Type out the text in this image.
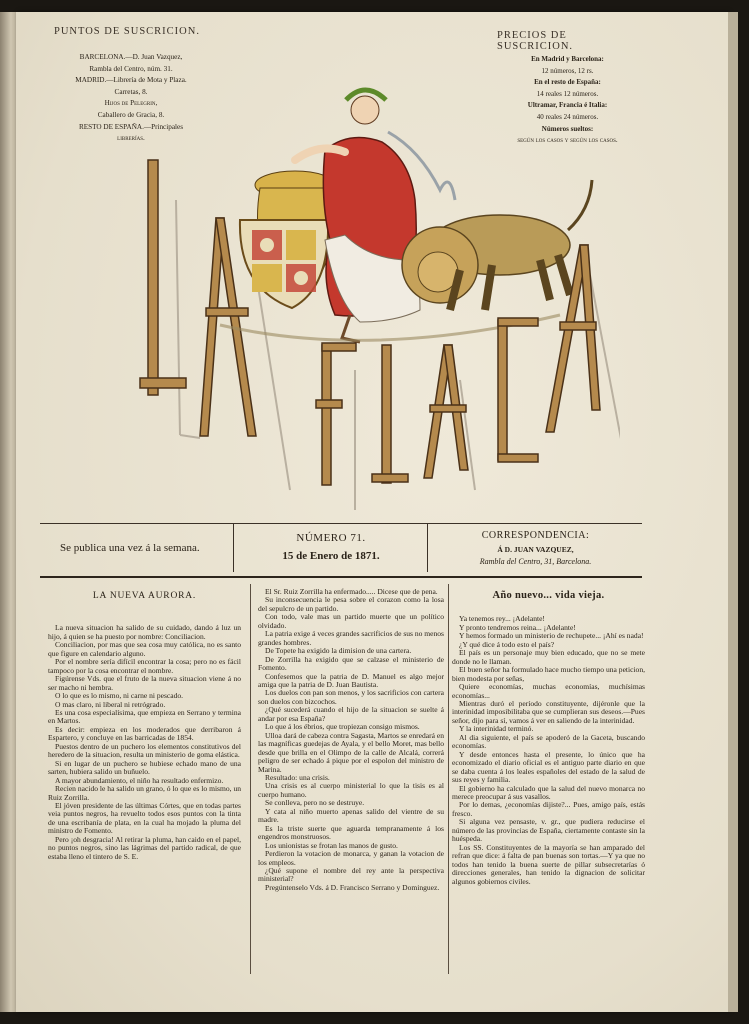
PUNTOS DE SUSCRICION.
BARCELONA.—D. Juan Vazquez,
Rambla del Centro, núm. 31.
MADRID.—Librería de Mota y Plaza.
Carretas, 8.
Hijos de Pelegrin,
Caballero de Gracia, 8.
RESTO DE ESPAÑA.—Principales
librerías.
PRECIOS DE SUSCRICION.
En Madrid y Barcelona:
12 números, 12 rs.
En el resto de España:
14 reales 12 números.
Ultramar, Francia é Italia:
40 reales 24 números.
Números sueltos:
según los casos y según los casos.
Se publica una vez á la semana.
NÚMERO 71.
15 de Enero de 1871.
CORRESPONDENCIA:
Á D. JUAN VAZQUEZ,
Rambla del Centro, 31, Barcelona.

LA NUEVA AURORA.

La nueva situacion ha salido de su cuidado, dando á luz un hijo, á quien se ha puesto por nombre: Conciliacion.

Conciliacion, por mas que sea cosa muy católica, no es santo que figure en calendario alguno.

Por el nombre sería difícil encontrar la cosa; pero no es fácil tampoco por la cosa encontrar el nombre.

Figúrense Vds. que el fruto de la nueva situacion viene á no ser macho ni hembra.

O lo que es lo mismo, ni carne ni pescado.

O mas claro, ni liberal ni retrógrado.

Es una cosa especialísima, que empieza en Serrano y termina en Martos.

Es decir: empieza en los moderados que derribaron á Espartero, y concluye en las barricadas de 1854.

Puestos dentro de un puchero los elementos constitutivos del heredero de la situacion, resulta un ministerio de goma elástica.

Si en lugar de un puchero se hubiese echado mano de una sarten, hubiera salido un buñuelo.

A mayor abundamiento, el niño ha resultado enfermizo.

Recien nacido le ha salido un grano, ó lo que es lo mismo, un Ruiz Zorrilla.

El jóven presidente de las últimas Córtes, que en todas partes veia puntos negros, ha revuelto todos esos puntos con la tinta de una escribanía de plata, en la cual ha mojado la pluma del ministro de Fomento.

Pero ¡oh desgracia! Al retirar la pluma, han caido en el papel, no puntos negros, sino las lágrimas del partido radical, de que estaba lleno el tintero de S. E.

El Sr. Ruiz Zorrilla ha enfermado..... Dicese que de pena.

Su inconsecuencia le pesa sobre el corazon como la losa del sepulcro de un partido.

Con todo, vale mas un partido muerte que un político olvidado.

La patria exige á veces grandes sacrificios de sus no menos grandes hombres.

De Topete ha exigido la dimision de una cartera.

De Zorrilla ha exigido que se calzase el ministerio de Fomento.

Confesemos que la patria de D. Manuel es algo mejor amiga que la patria de D. Juan Bautista.

Los duelos con pan son menos, y los sacrificios con cartera son duelos con bizcochos.

¿Qué sucederá cuando el hijo de la situacion se suelte á andar por esa España?

Lo que á los ébrios, que tropiezan consigo mismos.

Ulloa dará de cabeza contra Sagasta, Martos se enredará en las magníficas guedejas de Ayala, y el bello Moret, mas bello desde que brilla en el Olimpo de la calle de Alcalá, correrá peligro de ser echado á pique por el espolon del ministro de Marina.

Resultado: una crisis.

Una crisis es al cuerpo ministerial lo que la tisis es al cuerpo humano.

Se conlleva, pero no se destruye.

Y cata al niño muerto apenas salido del vientre de su madre.

Es la triste suerte que aguarda tempranamente á los engendros monstruosos.

Los unionistas se frotan las manos de gusto.

Perdieron la votacion de monarca, y ganan la votacion de los empleos.

¿Qué supone el nombre del rey ante la perspectiva ministerial?

Pregúntenselo Vds. á D. Francisco Serrano y Dominguez.

Año nuevo... vida vieja.

Ya tenemos rey... ¡Adelante!

Y pronto tendremos reina... ¡Adelante!

Y hemos formado un ministerio de rechupete... ¡Ahí es nada!

¿Y qué dice á todo esto el país?

El país es un personaje muy bien educado, que no se mete donde no le llaman.

El buen señor ha formulado hace mucho tiempo una peticion, bien modesta por señas,

Quiere economías, muchas economías, muchísimas economías...

Mientras duró el período constituyente, dijéronle que la interinidad imposibilitaba que se cumplieran sus deseos.—Pues señor, dijo para sí, vamos á ver en saliendo de la interinidad.

Y la interinidad terminó.

Al dia siguiente, el país se apoderó de la Gaceta, buscando economías.

Y desde entonces hasta el presente, lo único que ha economizado el diario oficial es el antiguo parte diario en que se daba cuenta á los leales españoles del estado de la salud de sus reyes y familia.

El gobierno ha calculado que la salud del nuevo monarca no merece preocupar á sus vasallos.

Por lo demas, ¿economías dijiste?... Pues, amigo país, estás fresco.

Si alguna vez pensaste, v. gr., que pudiera reducirse el número de las provincias de España, ciertamente contaste sin la huéspeda.

Los SS. Constituyentes de la mayoría se han amparado del refran que dice: á falta de pan buenas son tortas.—Y ya que no todos han tenido la buena suerte de pillar subsecretarías ó direcciones generales, han tenido la dignacion de solicitar algunos gobiernos civiles.
